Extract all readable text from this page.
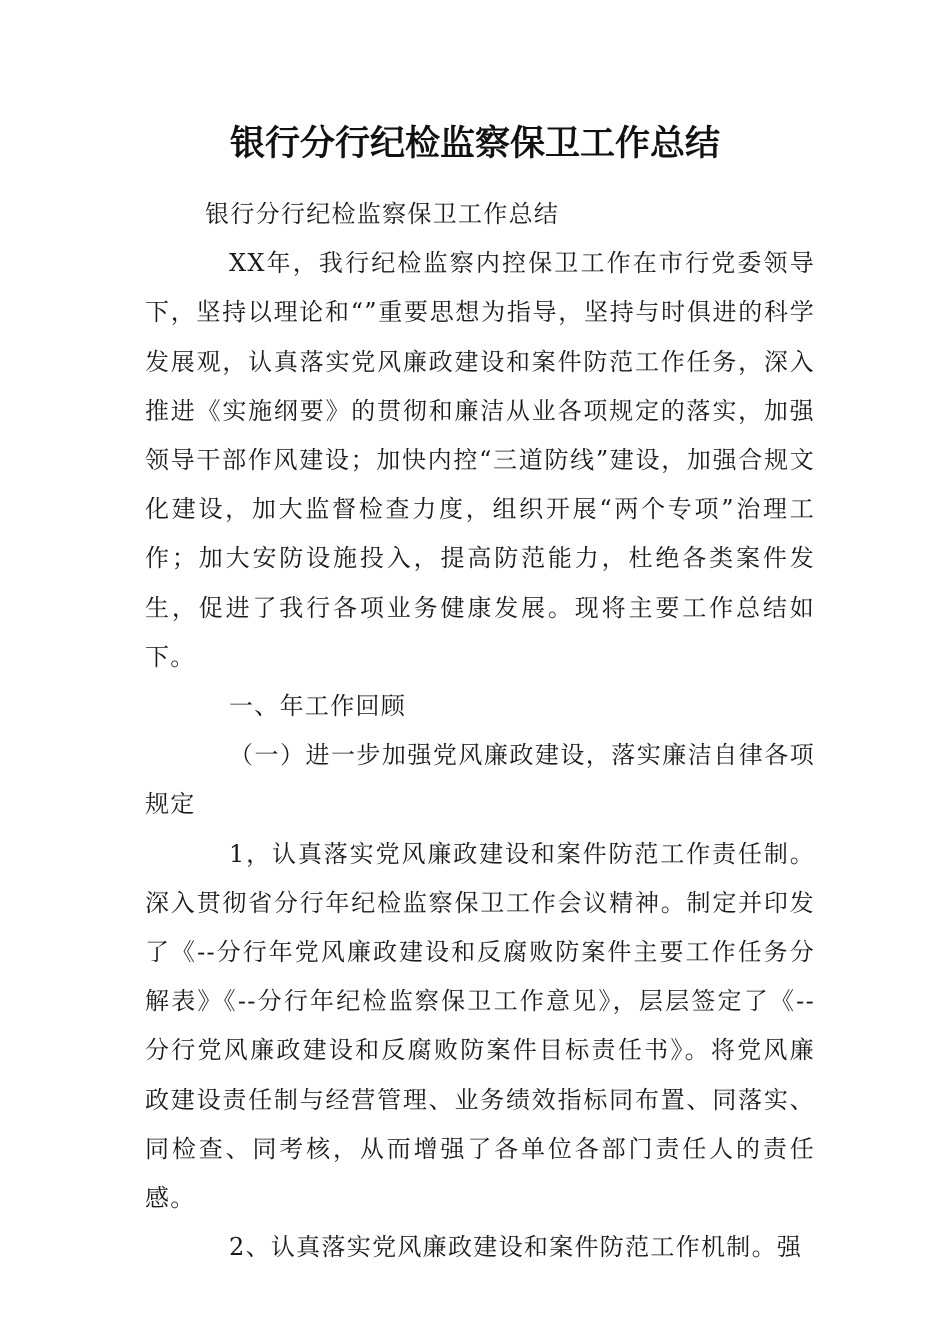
银行分行纪检监察保卫工作总结

银行分行纪检监察保卫工作总结

XX年，我行纪检监察内控保卫工作在市行党委领导下，坚持以理论和“”重要思想为指导，坚持与时俱进的科学发展观，认真落实党风廉政建设和案件防范工作任务，深入推进《实施纲要》的贯彻和廉洁从业各项规定的落实，加强领导干部作风建设；加快内控“三道防线”建设，加强合规文化建设，加大监督检查力度，组织开展“两个专项”治理工作；加大安防设施投入，提高防范能力，杜绝各类案件发生，促进了我行各项业务健康发展。现将主要工作总结如下。

一、年工作回顾

（一）进一步加强党风廉政建设，落实廉洁自律各项规定

1，认真落实党风廉政建设和案件防范工作责任制。深入贯彻省分行年纪检监察保卫工作会议精神。制定并印发了《--分行年党风廉政建设和反腐败防案件主要工作任务分解表》《--分行年纪检监察保卫工作意见》，层层签定了《--分行党风廉政建设和反腐败防案件目标责任书》。将党风廉政建设责任制与经营管理、业务绩效指标同布置、同落实、同检查、同考核，从而增强了各单位各部门责任人的责任感。

2、认真落实党风廉政建设和案件防范工作机制。强
